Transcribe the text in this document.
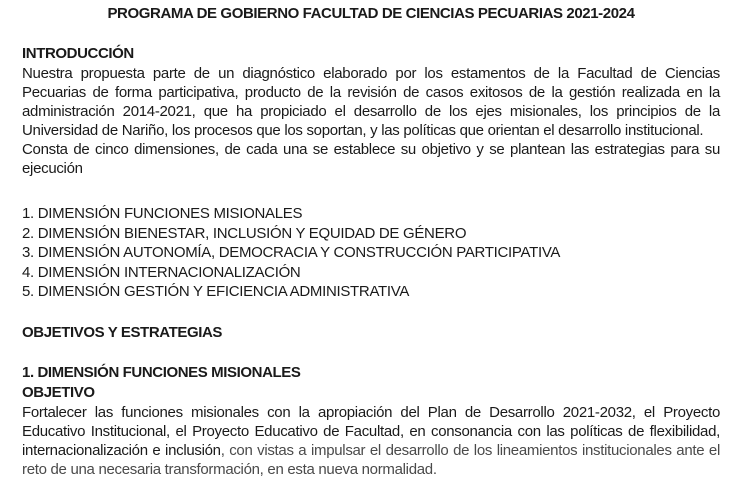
PROGRAMA DE GOBIERNO FACULTAD DE CIENCIAS PECUARIAS 2021-2024
INTRODUCCIÓN
Nuestra propuesta parte de un diagnóstico elaborado por los estamentos de la Facultad de Ciencias
Pecuarias de forma participativa, producto de la revisión de casos exitosos de la gestión realizada en la
administración 2014-2021, que ha propiciado el desarrollo de los ejes misionales, los principios de la
Universidad de Nariño, los procesos que los soportan, y las políticas que orientan el desarrollo institucional.
Consta de cinco dimensiones, de cada una se establece su objetivo y se plantean las estrategias para su
ejecución
1. DIMENSIÓN FUNCIONES MISIONALES
2. DIMENSIÓN BIENESTAR, INCLUSIÓN Y EQUIDAD DE GÉNERO
3. DIMENSIÓN AUTONOMÍA, DEMOCRACIA Y CONSTRUCCIÓN PARTICIPATIVA
4. DIMENSIÓN INTERNACIONALIZACIÓN
5. DIMENSIÓN GESTIÓN Y EFICIENCIA ADMINISTRATIVA
OBJETIVOS Y ESTRATEGIAS
1. DIMENSIÓN FUNCIONES MISIONALES
OBJETIVO
Fortalecer las funciones misionales con la apropiación del Plan de Desarrollo 2021-2032, el Proyecto
Educativo Institucional, el Proyecto Educativo de Facultad, en consonancia con las políticas de flexibilidad,
internacionalización e inclusión, con vistas a impulsar el desarrollo de los lineamientos institucionales ante el
reto de una necesaria transformación, en esta nueva normalidad.
